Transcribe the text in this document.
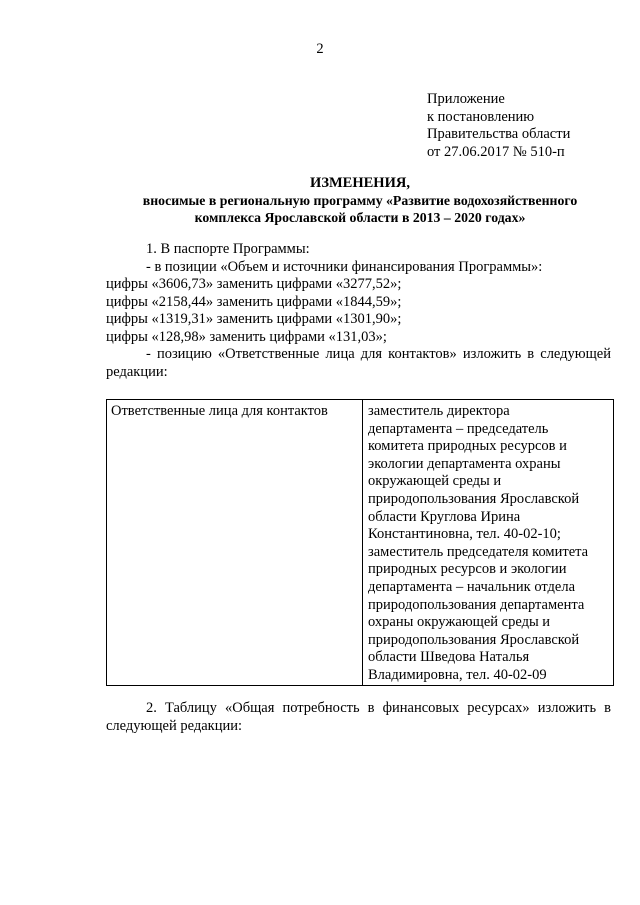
2
Приложение
к постановлению
Правительства области
от 27.06.2017 № 510-п
ИЗМЕНЕНИЯ,
вносимые в региональную программу «Развитие водохозяйственного
комплекса Ярославской области в 2013 – 2020 годах»
1. В паспорте Программы:
- в позиции «Объем и источники финансирования Программы»:
цифры «3606,73» заменить цифрами «3277,52»;
цифры «2158,44» заменить цифрами «1844,59»;
цифры «1319,31» заменить цифрами «1301,90»;
цифры «128,98» заменить цифрами «131,03»;
- позицию «Ответственные лица для контактов» изложить в следующей
редакции:
Ответственные лица для контактов	заместитель директора
департамента – председатель
комитета природных ресурсов и
экологии департамента охраны
окружающей среды и
природопользования Ярославской
области Круглова Ирина
Константиновна, тел. 40-02-10;
заместитель председателя комитета
природных ресурсов и экологии
департамента – начальник отдела
природопользования департамента
охраны окружающей среды и
природопользования Ярославской
области Шведова Наталья
Владимировна, тел. 40-02-09
2. Таблицу «Общая потребность в финансовых ресурсах» изложить в
следующей редакции:
